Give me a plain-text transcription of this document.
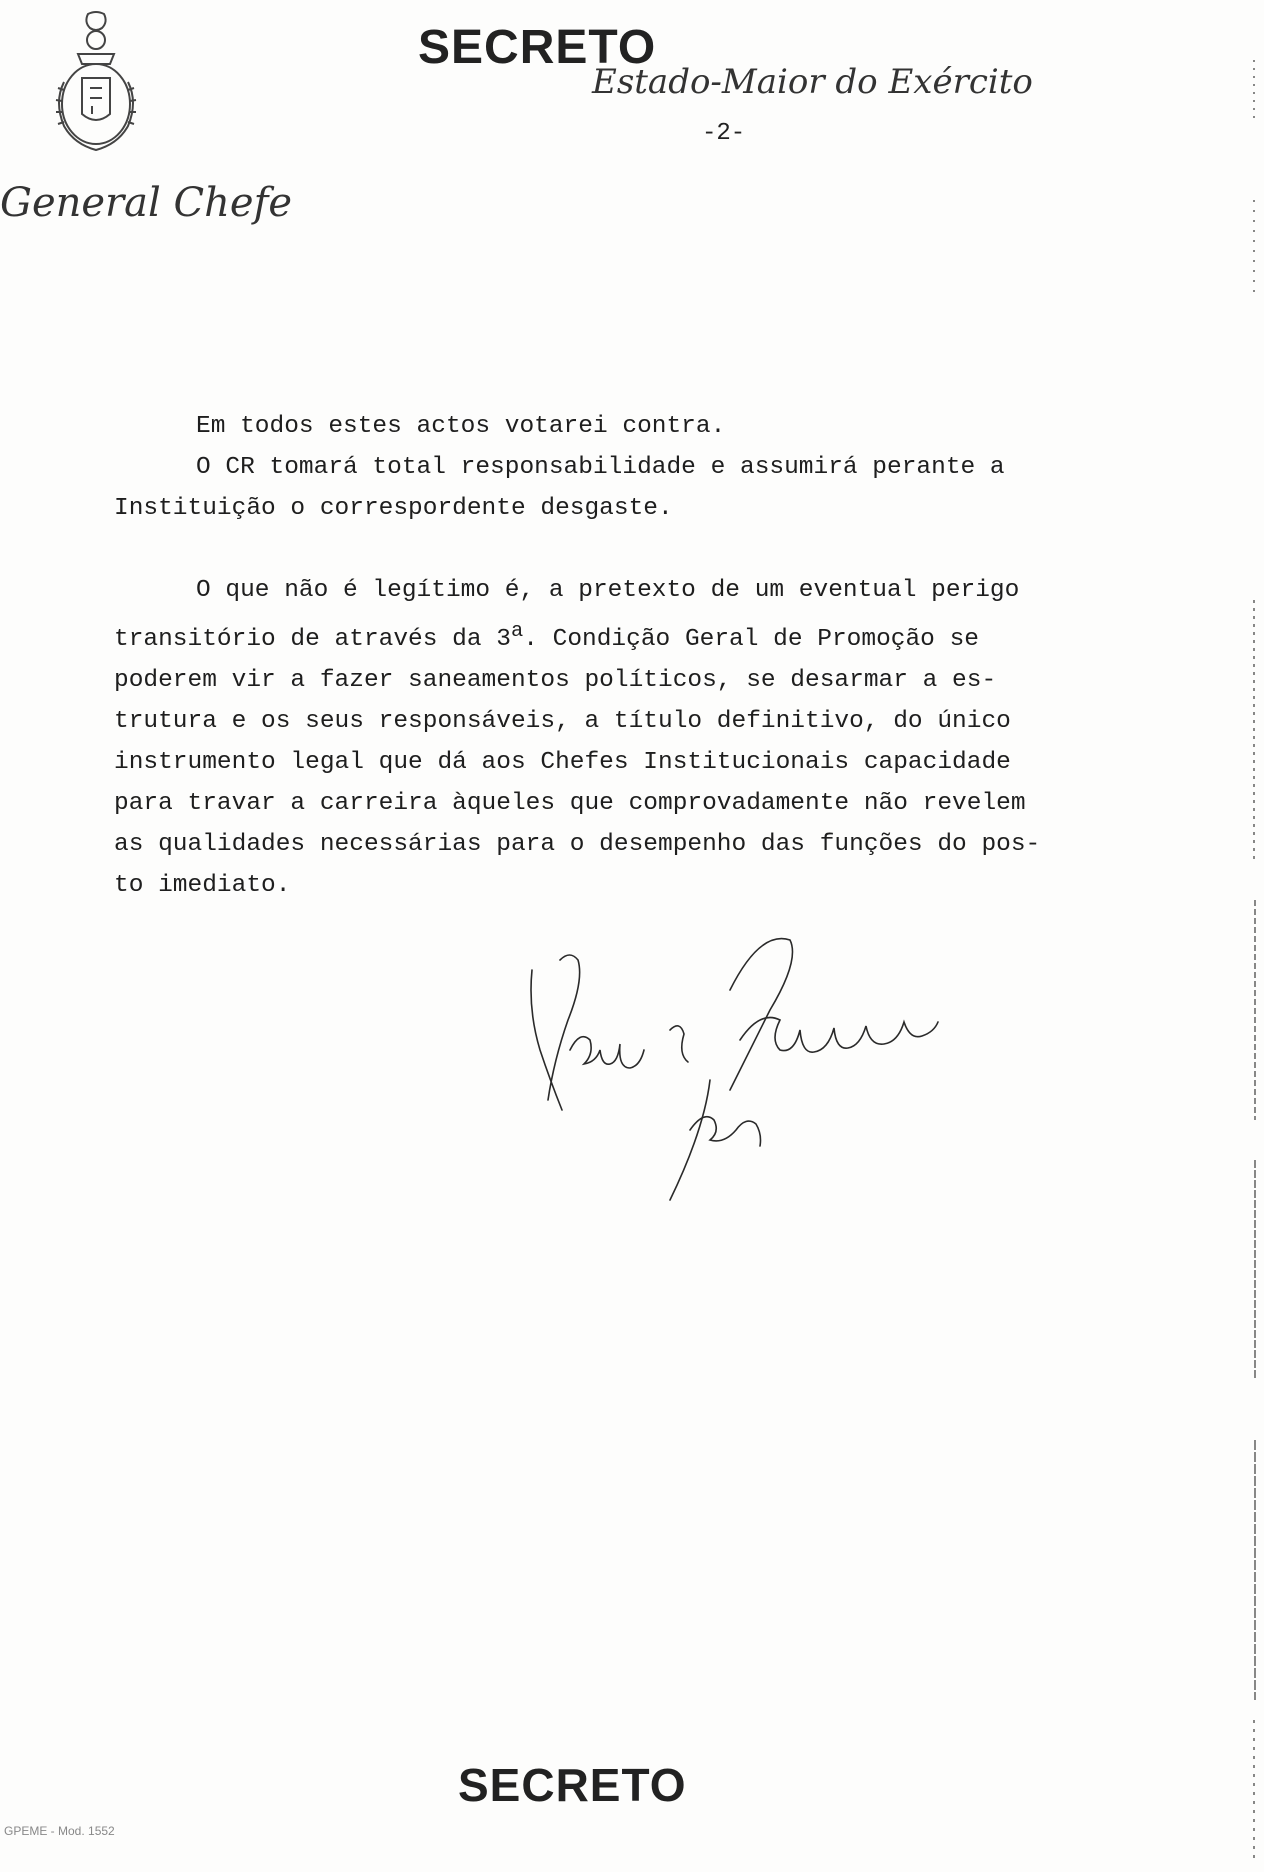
SECRETO
Estado-Maior do Exército
-2-
General Chefe

Em todos estes actos votarei contra.

O CR tomará total responsabilidade e assumirá perante a

Instituição o correspordente desgaste.

O que não é legítimo é, a pretexto de um eventual perigo

transitório de através da 3$^a$. Condição Geral de Promoção se

poderem vir a fazer saneamentos políticos, se desarmar a es-

trutura e os seus responsáveis, a título definitivo, do único

instrumento legal que dá aos Chefes Institucionais capacidade

para travar a carreira àqueles que comprovadamente não revelem

as qualidades necessárias para o desempenho das funções do pos-

to imediato.

SECRETO
GPEME - Mod. 1552
